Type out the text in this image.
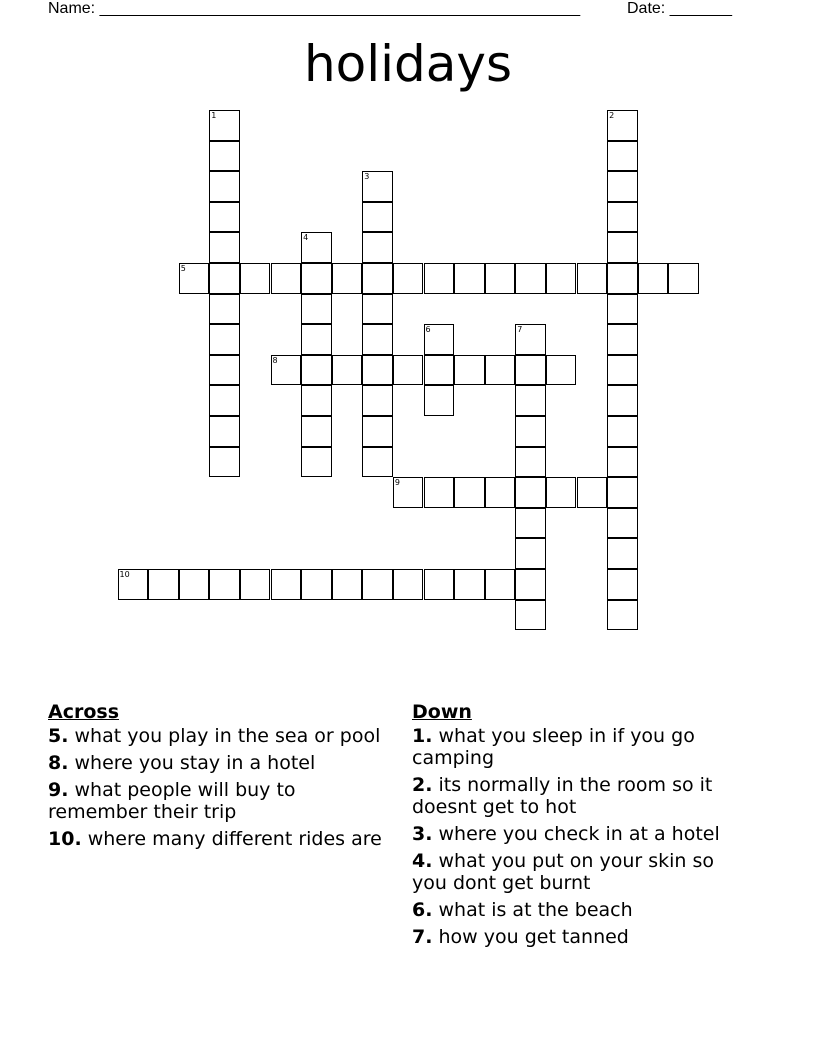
Name: ______________________________________________________	Date: _______
holidays
1	2
3
4
5
6	7
8
9
10
Across
5. what you play in the sea or pool
8. where you stay in a hotel
9. what people will buy to remember their trip
10. where many different rides are
Down
1. what you sleep in if you go camping
2. its normally in the room so it doesnt get to hot
3. where you check in at a hotel
4. what you put on your skin so you dont get burnt
6. what is at the beach
7. how you get tanned
